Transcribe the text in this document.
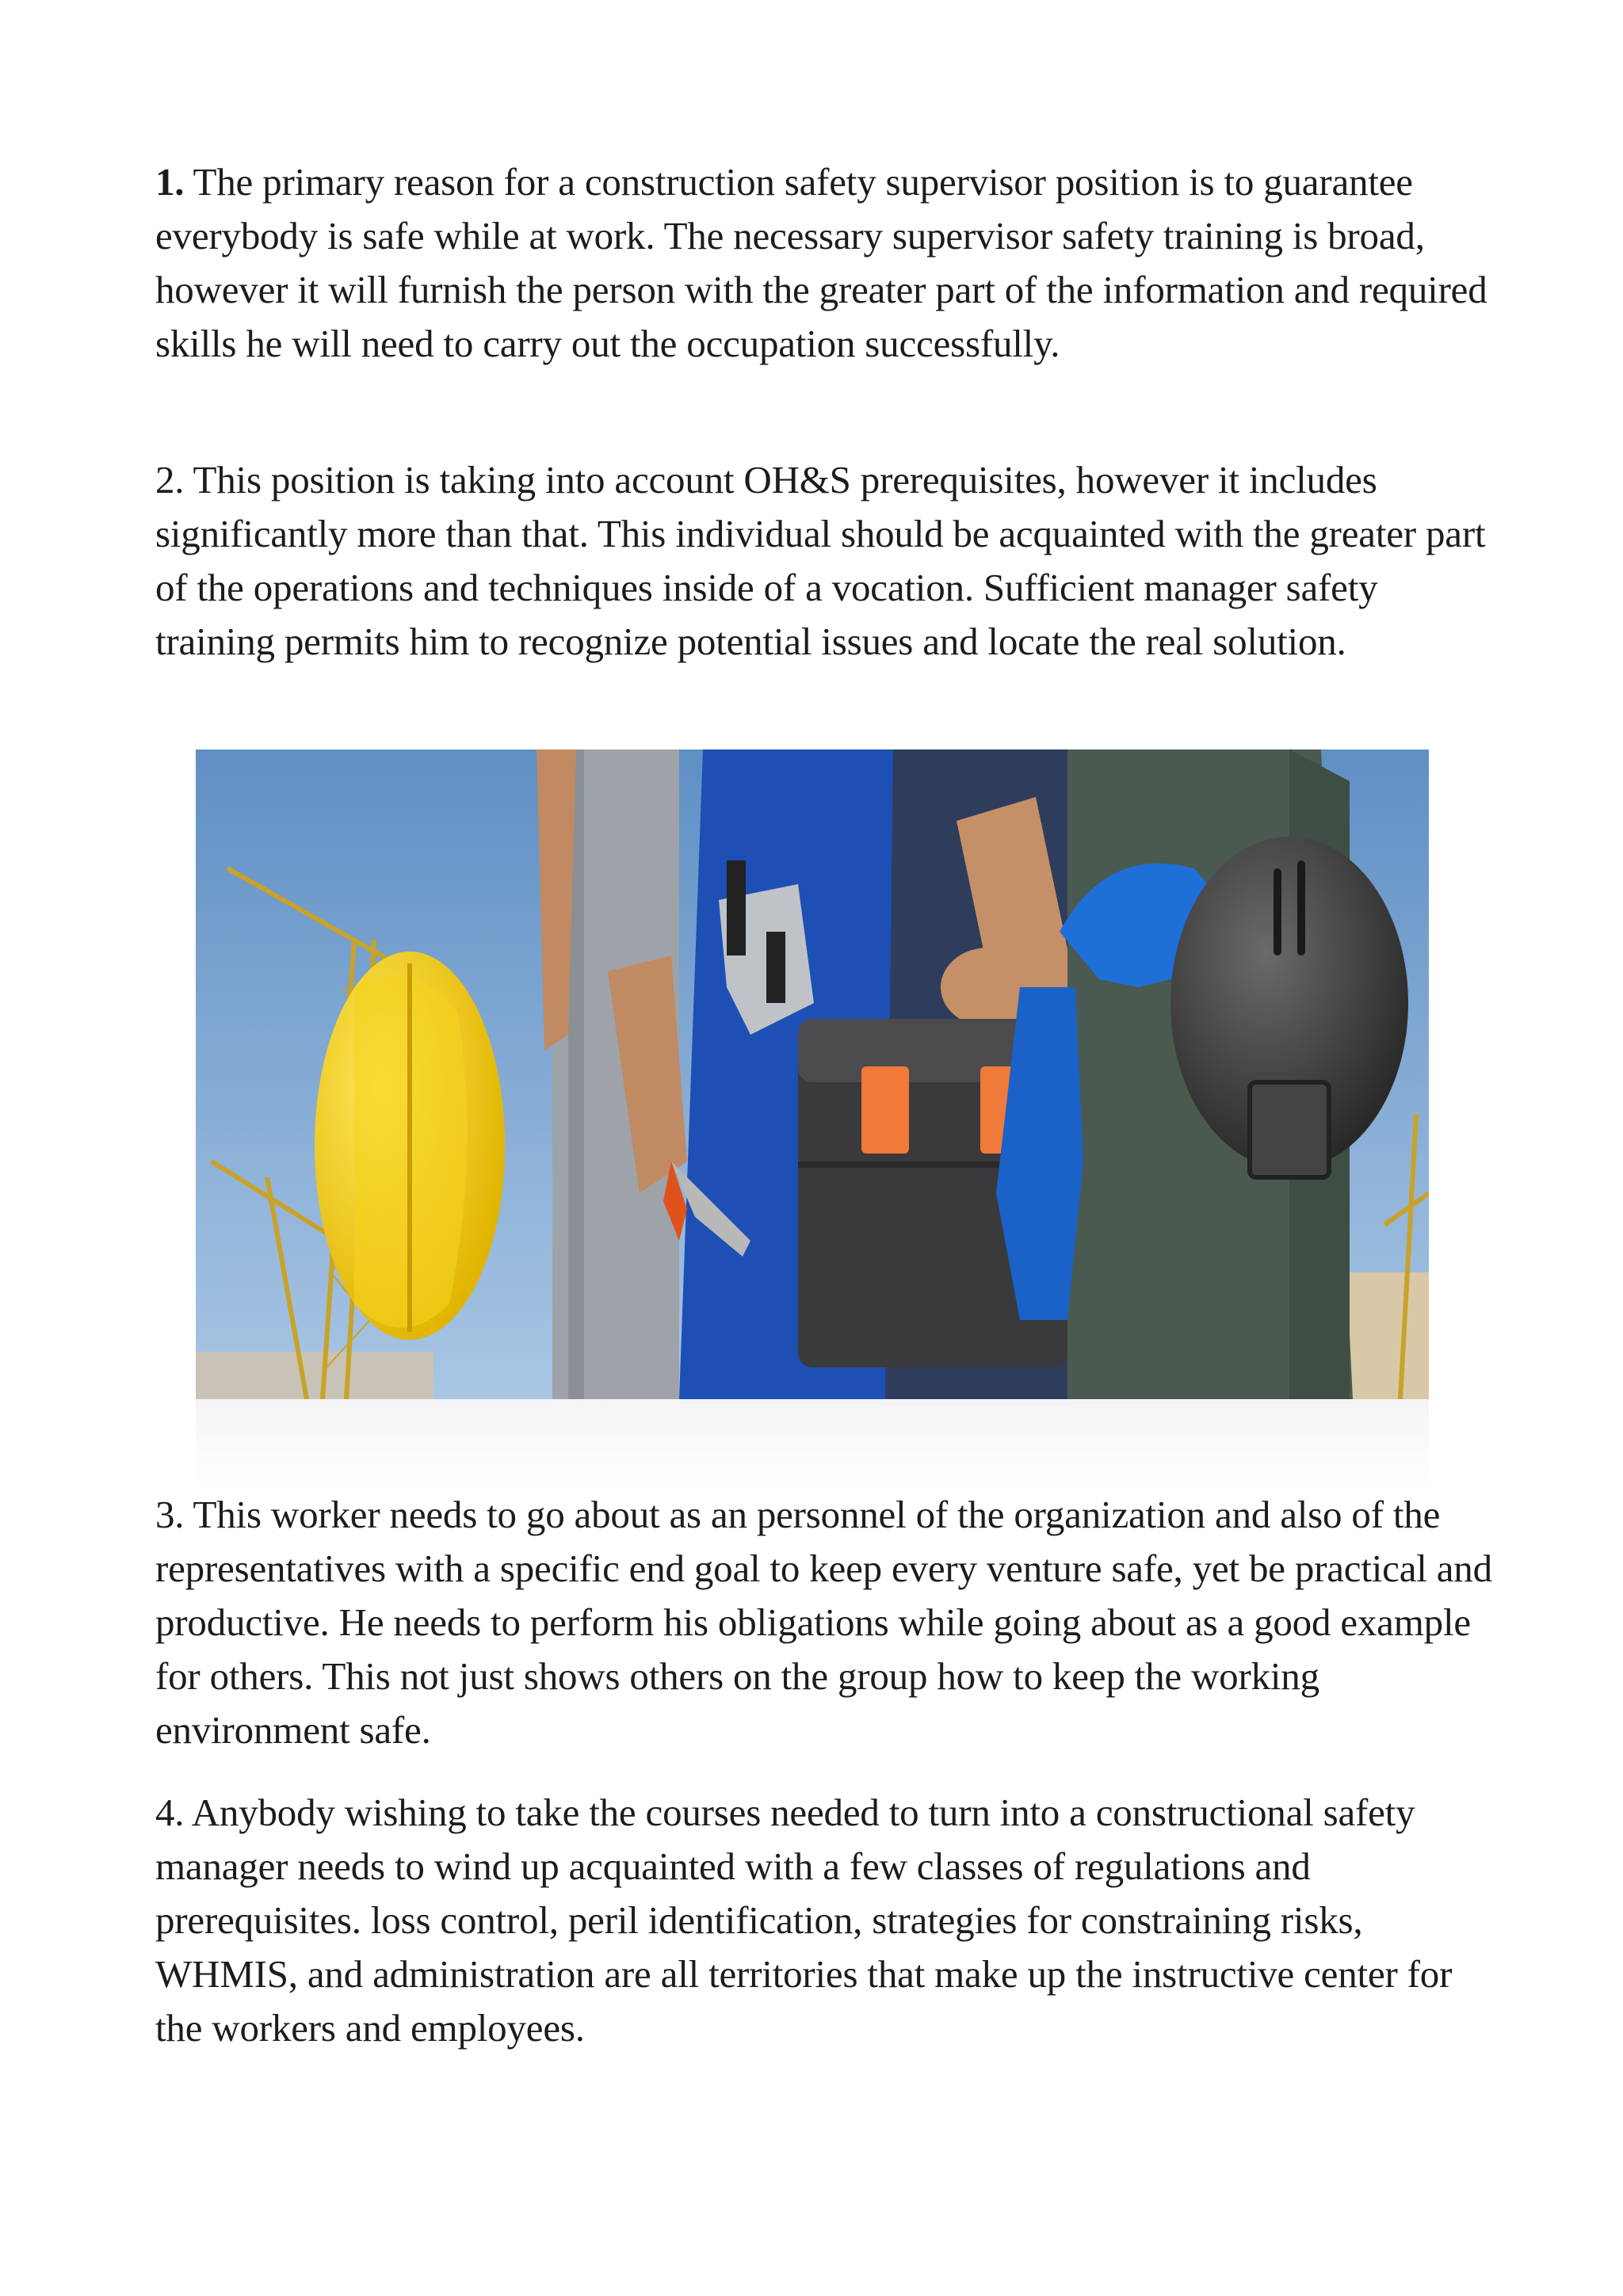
1. The primary reason for a construction safety supervisor position is to guarantee everybody is safe while at work. The necessary supervisor safety training is broad, however it will furnish the person with the greater part of the information and required skills he will need to carry out the occupation successfully.

2. This position is taking into account OH&S prerequisites, however it includes significantly more than that. This individual should be acquainted with the greater part of the operations and techniques inside of a vocation. Sufficient manager safety training permits him to recognize potential issues and locate the real solution.

3. This worker needs to go about as an personnel of the organization and also of the representatives with a specific end goal to keep every venture safe, yet be practical and productive. He needs to perform his obligations while going about as a good example for others. This not just shows others on the group how to keep the working environment safe.

4. Anybody wishing to take the courses needed to turn into a constructional safety manager needs to wind up acquainted with a few classes of regulations and prerequisites. loss control, peril identification, strategies for constraining risks, WHMIS, and administration are all territories that make up the instructive center for the workers and employees.
